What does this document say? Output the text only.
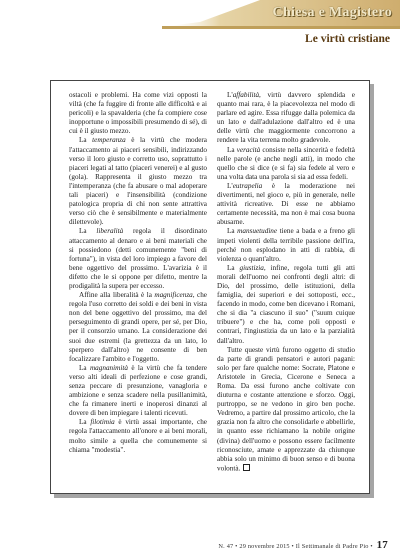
Chiesa e Magistero
Le virtù cristiane

ostacoli e problemi. Ha come vizi opposti la viltà (che fa fuggire di fronte alle difficoltà e ai pericoli) e la spavalderia (che fa compiere cose inopportune o impossibili presumendo di sé), di cui è il giusto mezzo.

La temperanza è la virtù che modera l'attaccamento ai piaceri sensibili, indirizzando verso il loro giusto e corretto uso, soprattutto i piaceri legati al tatto (piaceri venerei) e al gusto (gola). Rappresenta il giusto mezzo tra l'intemperanza (che fa abusare o mal adoperare tali piaceri) e l'insensibilità (condizione patologica propria di chi non sente attrattiva verso ciò che è sensibilmente e materialmente dilettevole).

La liberalità regola il disordinato attaccamento al denaro e ai beni materiali che si possiedono (detti comunemente "beni di fortuna"), in vista del loro impiego a favore del bene oggettivo del prossimo. L'avarizia è il difetto che le si oppone per difetto, mentre la prodigalità la supera per eccesso.

Affine alla liberalità è la magnificenza, che regola l'uso corretto dei soldi e dei beni in vista non del bene oggettivo del prossimo, ma del perseguimento di grandi opere, per sé, per Dio, per il consorzio umano. La considerazione dei suoi due estremi (la grettezza da un lato, lo sperpero dall'altro) ne consente di ben focalizzare l'ambito e l'oggetto.

La magnanimità è la virtù che fa tendere verso alti ideali di perfezione e cose grandi, senza peccare di presunzione, vanagloria e ambizione e senza scadere nella pusillanimità, che fa rimanere inerti e inoperosi dinanzi al dovere di ben impiegare i talenti ricevuti.

La filotimia è virtù assai importante, che regola l'attaccamento all'onore e ai beni morali, molto simile a quella che comunemente si chiama "modestia".

L'affabilità, virtù davvero splendida e quanto mai rara, è la piacevolezza nel modo di parlare ed agire. Essa rifugge dalla polemica da un lato e dall'adulazione dall'altro ed è una delle virtù che maggiormente concorrono a rendere la vita terrena molto gradevole.

La veracità consiste nella sincerità e fedeltà nelle parole (e anche negli atti), in modo che quello che si dice (e si fa) sia fedele al vero e una volta data una parola si sia ad essa fedeli.

L'eutrapelia è la moderazione nei divertimenti, nel gioco e, più in generale, nelle attività ricreative. Di esse ne abbiamo certamente necessità, ma non è mai cosa buona abusarne.

La mansuetudine tiene a bada e a freno gli impeti violenti della terribile passione dell'ira, perché non esplodano in atti di rabbia, di violenza o quant'altro.

La giustizia, infine, regola tutti gli atti morali dell'uomo nei confronti degli altri: di Dio, del prossimo, delle istituzioni, della famiglia, dei superiori e dei sottoposti, ecc., facendo in modo, come ben dicevano i Romani, che si dia "a ciascuno il suo" ("suum cuique tribuere") e che ha, come poli opposti e contrari, l'ingiustizia da un lato e la parzialità dall'altro.

Tutte queste virtù furono oggetto di studio da parte di grandi pensatori e autori pagani: solo per fare qualche nome: Socrate, Platone e Aristotele in Grecia, Cicerone e Seneca a Roma. Da essi furono anche coltivate con diuturna e costante attenzione e sforzo. Oggi, purtroppo, se ne vedono in giro ben poche. Vedremo, a partire dal prossimo articolo, che la grazia non fa altro che consolidarle e abbellirle, in quanto esse richiamano la nobile origine (divina) dell'uomo e possono essere facilmente riconosciute, amate e apprezzate da chiunque abbia solo un minimo di buon senso e di buona volontà.

N. 47 • 29 novembre 2015 • Il Settimanale di Padre Pio • 17
